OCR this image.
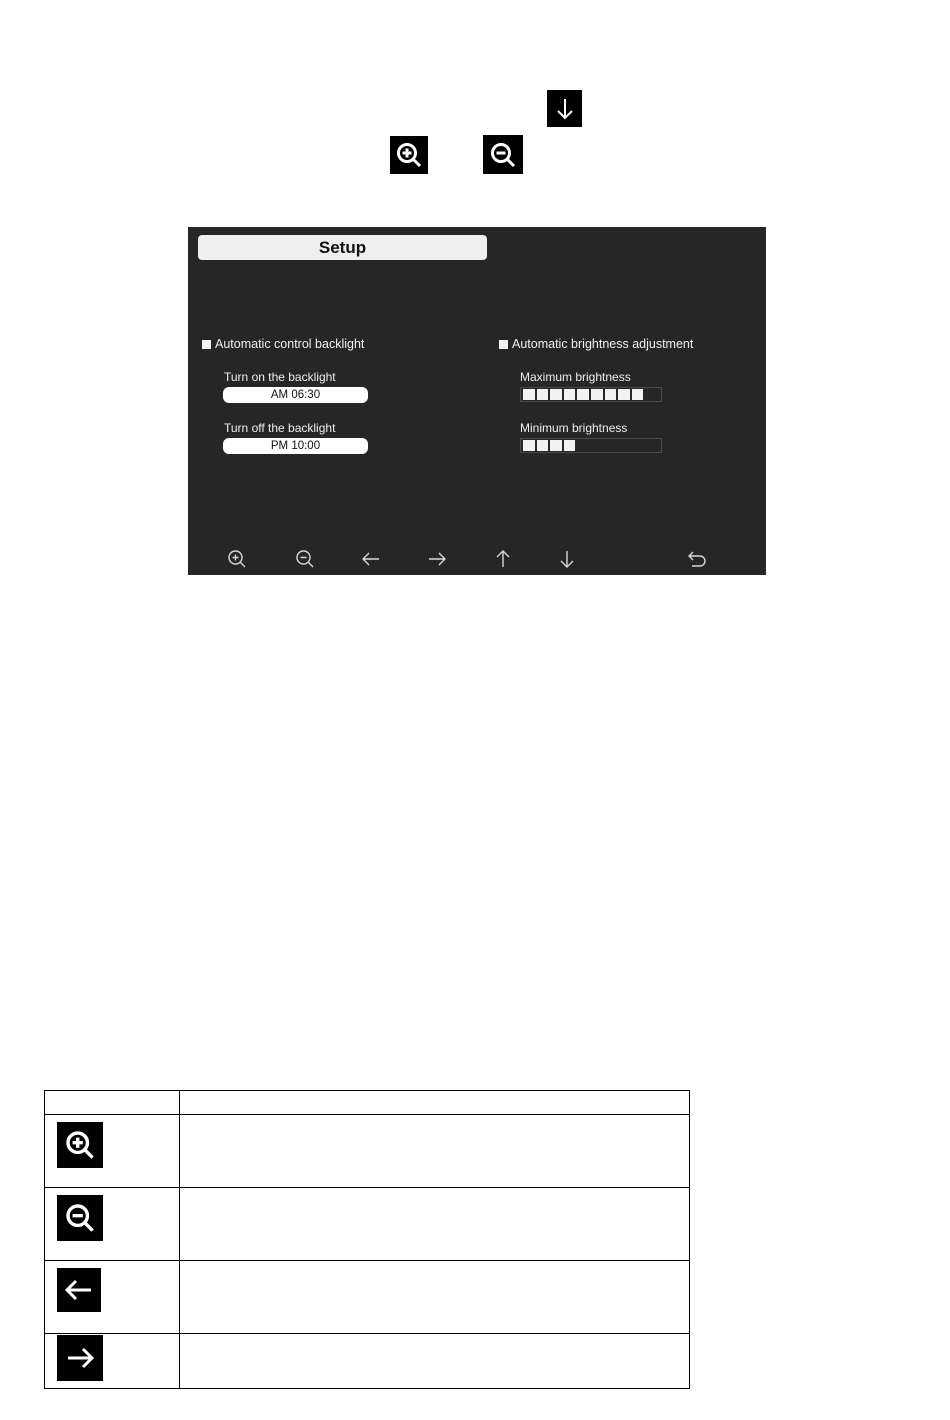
Setup
Automatic control backlight
Turn on the backlight
AM 06:30
Turn off the backlight
PM 10:00
Automatic brightness adjustment
Maximum brightness
Minimum brightness
